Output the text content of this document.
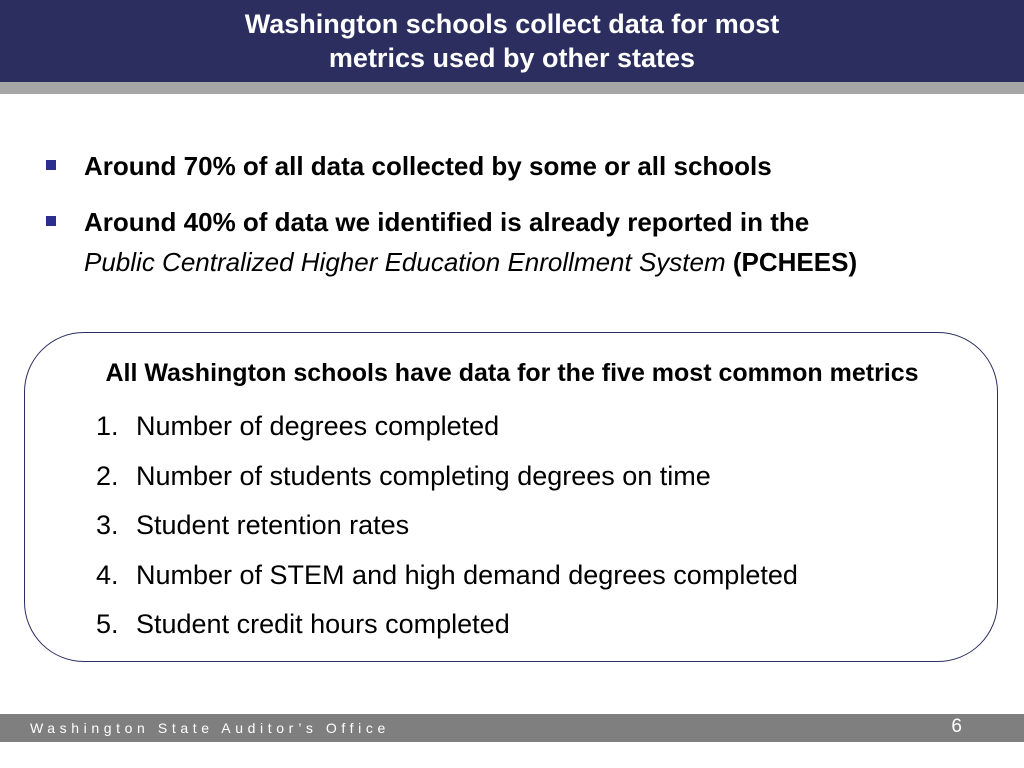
Washington schools collect data for most
metrics used by other states
Around 70% of all data collected by some or all schools
Around 40% of data we identified is already reported in the
Public Centralized Higher Education Enrollment System (PCHEES)
All Washington schools have data for the five most common metrics
1. Number of degrees completed
2. Number of students completing degrees on time
3. Student retention rates
4. Number of STEM and high demand degrees completed
5. Student credit hours completed
Washington State Auditor’s Office	6
